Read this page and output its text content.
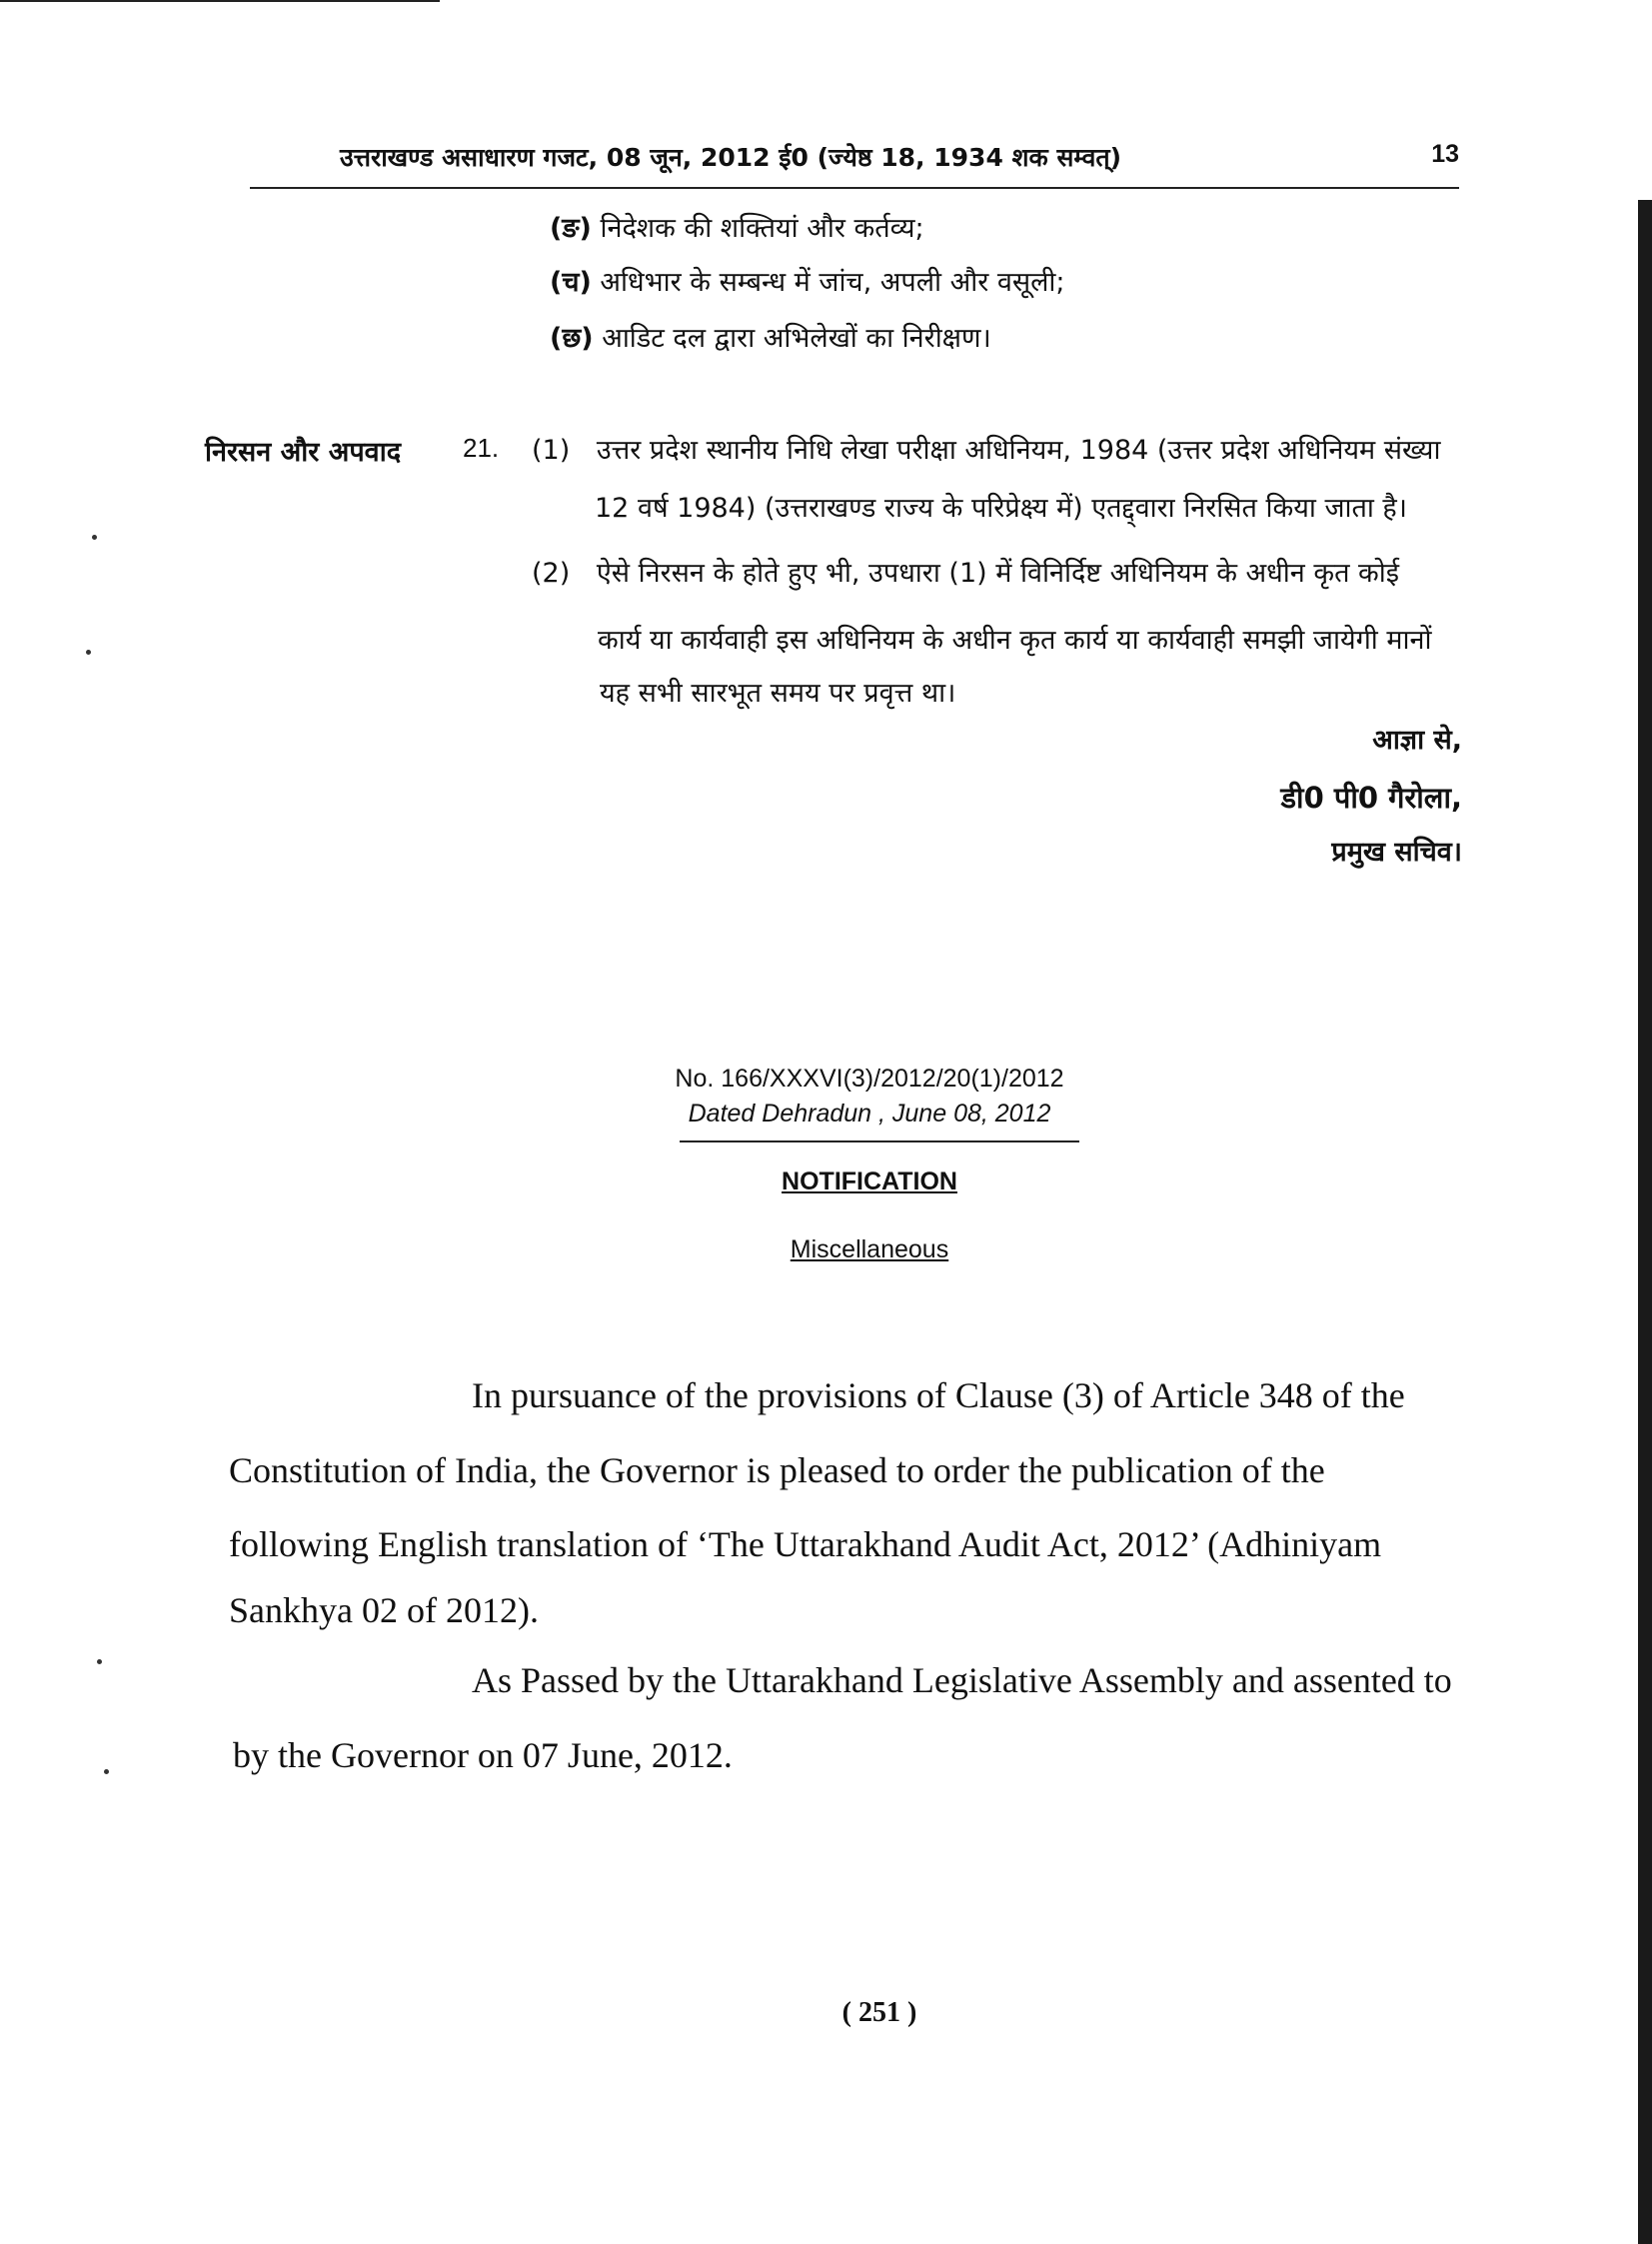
उत्तराखण्ड असाधारण गजट, 08 जून, 2012 ई0 (ज्येष्ठ 18, 1934 शक सम्वत्)	13
(ङ) निदेशक की शक्तियां और कर्तव्य;
(च) अधिभार के सम्बन्ध में जांच, अपली और वसूली;
(छ) आडिट दल द्वारा अभिलेखों का निरीक्षण।
निरसन और अपवाद 21. (1) उत्तर प्रदेश स्थानीय निधि लेखा परीक्षा अधिनियम, 1984 (उत्तर प्रदेश अधिनियम संख्या
12 वर्ष 1984) (उत्तराखण्ड राज्य के परिप्रेक्ष्य में) एतद्द्वारा निरसित किया जाता है।
(2) ऐसे निरसन के होते हुए भी, उपधारा (1) में विनिर्दिष्ट अधिनियम के अधीन कृत कोई
कार्य या कार्यवाही इस अधिनियम के अधीन कृत कार्य या कार्यवाही समझी जायेगी मानों
यह सभी सारभूत समय पर प्रवृत्त था।
आज्ञा से,
डी0 पी0 गैरोला,
प्रमुख सचिव।
No. 166/XXXVI(3)/2012/20(1)/2012
Dated Dehradun , June 08, 2012
NOTIFICATION
Miscellaneous
In pursuance of the provisions of Clause (3) of Article 348 of the
Constitution of India, the Governor is pleased to order the publication of the
following English translation of ‘The Uttarakhand Audit Act, 2012’ (Adhiniyam
Sankhya 02 of 2012).
As Passed by the Uttarakhand Legislative Assembly and assented to
by the Governor on 07 June, 2012.
( 251 )
